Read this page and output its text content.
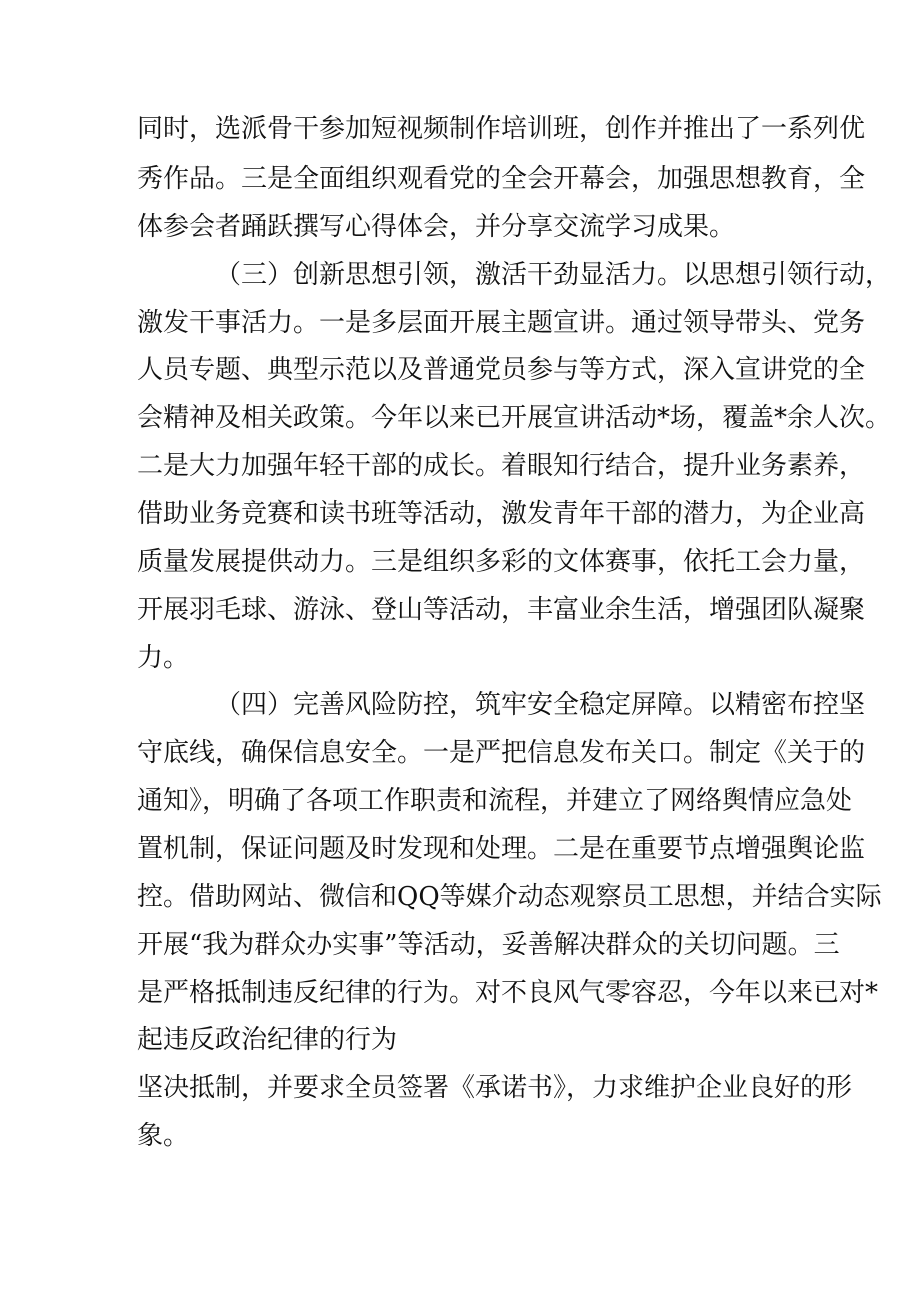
同时，选派骨干参加短视频制作培训班，创作并推出了一系列优
秀作品。三是全面组织观看党的全会开幕会，加强思想教育，全
体参会者踊跃撰写心得体会，并分享交流学习成果。
（三）创新思想引领，激活干劲显活力。以思想引领行动，
激发干事活力。一是多层面开展主题宣讲。通过领导带头、党务
人员专题、典型示范以及普通党员参与等方式，深入宣讲党的全
会精神及相关政策。今年以来已开展宣讲活动*场，覆盖*余人次。
二是大力加强年轻干部的成长。着眼知行结合，提升业务素养，
借助业务竞赛和读书班等活动，激发青年干部的潜力，为企业高
质量发展提供动力。三是组织多彩的文体赛事，依托工会力量，
开展羽毛球、游泳、登山等活动，丰富业余生活，增强团队凝聚
力。
（四）完善风险防控，筑牢安全稳定屏障。以精密布控坚
守底线，确保信息安全。一是严把信息发布关口。制定《关于的
通知》，明确了各项工作职责和流程，并建立了网络舆情应急处
置机制，保证问题及时发现和处理。二是在重要节点增强舆论监
控。借助网站、微信和QQ等媒介动态观察员工思想，并结合实际
开展“我为群众办实事”等活动，妥善解决群众的关切问题。三
是严格抵制违反纪律的行为。对不良风气零容忍，今年以来已对*
起违反政治纪律的行为
坚决抵制，并要求全员签署《承诺书》，力求维护企业良好的形
象。
